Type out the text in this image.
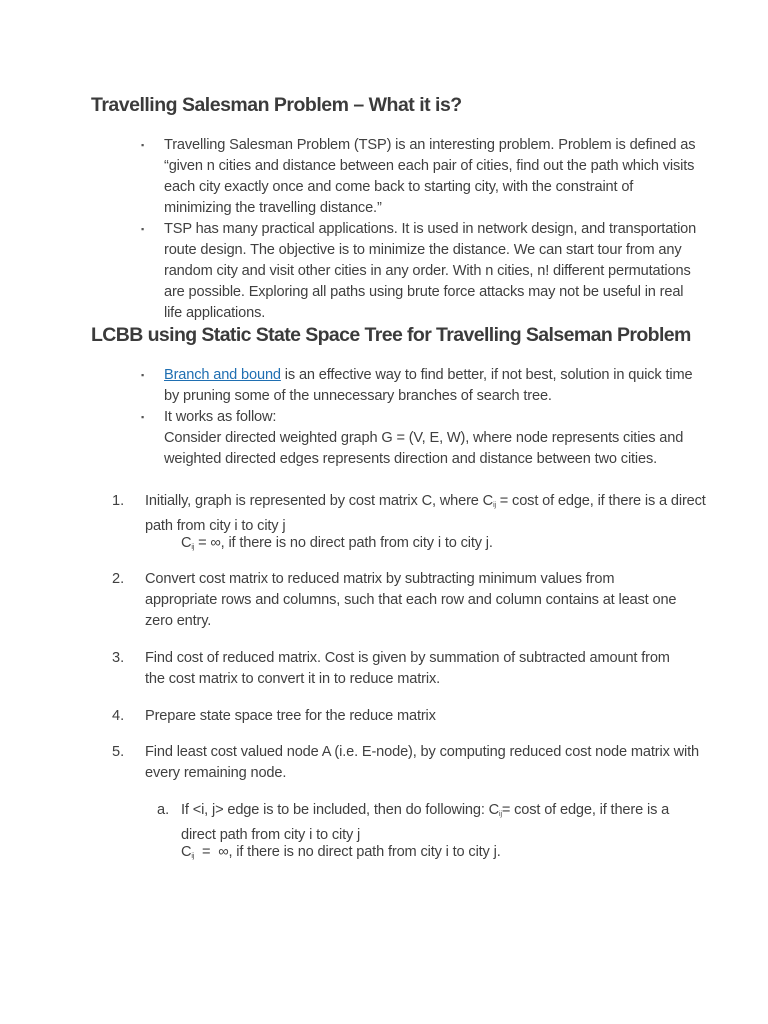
Travelling Salesman Problem – What it is?
▪ Travelling Salesman Problem (TSP) is an interesting problem. Problem is defined as “given n cities and distance between each pair of cities, find out the path which visits each city exactly once and come back to starting city, with the constraint of minimizing the travelling distance.”

▪ TSP has many practical applications. It is used in network design, and transportation route design. The objective is to minimize the distance. We can start tour from any random city and visit other cities in any order. With n cities, n! different permutations are possible. Exploring all paths using brute force attacks may not be useful in real life applications.

LCBB using Static State Space Tree for Travelling Salseman Problem
▪ Branch and bound is an effective way to find better, if not best, solution in quick time by pruning some of the unnecessary branches of search tree.

▪ It works as follow:
Consider directed weighted graph G = (V, E, W), where node represents cities and weighted directed edges represents direction and distance between two cities.

1. Initially, graph is represented by cost matrix C, where $C_{ij} = \cos t$ of edge, if there is a direct path from city i to city j

$C_{ij}$ = ∞, if there is no direct path from city i to city j.

2. Convert cost matrix to reduced matrix by subtracting minimum values from appropriate rows and columns, such that each row and column contains at least one zero entry.

3. Find cost of reduced matrix. Cost is given by summation of subtracted amount from the cost matrix to convert it in to reduce matrix.

4. Prepare state space tree for the reduce matrix

5. Find least cost valued node A (i.e. E-node), by computing reduced cost node matrix with every remaining node.

a. If <i, j> edge is to be included, then do following: $C_{ij}= \cos t$ of edge, if there is a direct path from city i to city j

$C_{ij}$  =  ∞, if there is no direct path from city i to city j.
